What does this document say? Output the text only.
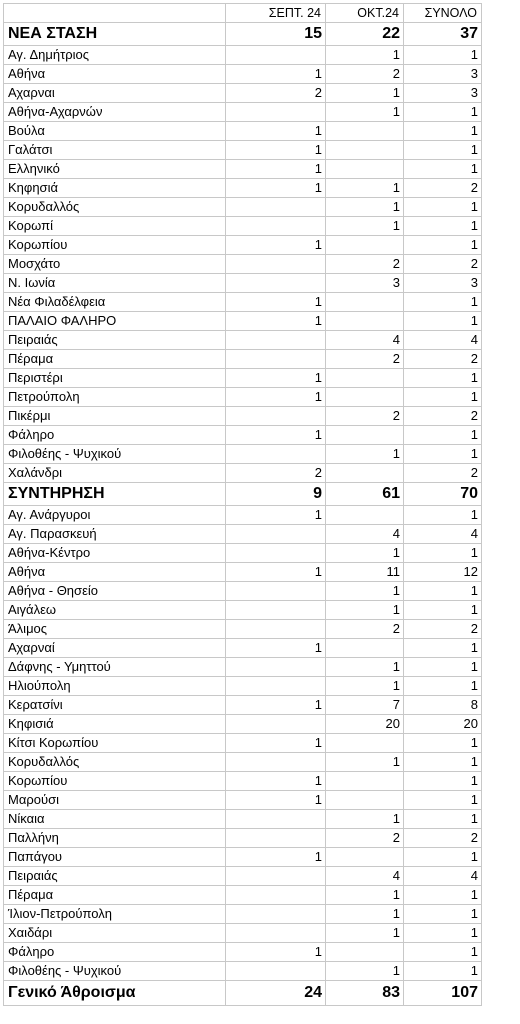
	ΣΕΠΤ. 24	ΟΚΤ.24	ΣΥΝΟΛΟ
ΝΕΑ ΣΤΑΣΗ	15	22	37
Αγ. Δημήτριος		1	1
Αθήνα	1	2	3
Αχαρναι	2	1	3
Αθήνα-Αχαρνών		1	1
Βούλα	1		1
Γαλάτσι	1		1
Ελληνικό	1		1
Κηφησιά	1	1	2
Κορυδαλλός		1	1
Κορωπί		1	1
Κορωπίου	1		1
Μοσχάτο		2	2
Ν. Ιωνία		3	3
Νέα Φιλαδέλφεια	1		1
ΠΑΛΑΙΟ ΦΑΛΗΡΟ	1		1
Πειραιάς		4	4
Πέραμα		2	2
Περιστέρι	1		1
Πετρούπολη	1		1
Πικέρμι		2	2
Φάληρο	1		1
Φιλοθέης - Ψυχικού		1	1
Χαλάνδρι	2		2
ΣΥΝΤΗΡΗΣΗ	9	61	70
Αγ. Ανάργυροι	1		1
Αγ. Παρασκευή		4	4
Αθήνα-Κέντρο		1	1
Αθήνα	1	11	12
Αθήνα - Θησείο		1	1
Αιγάλεω		1	1
Άλιμος		2	2
Αχαρναί	1		1
Δάφνης - Υμηττού		1	1
Ηλιούπολη		1	1
Κερατσίνι	1	7	8
Κηφισιά		20	20
Κίτσι Κορωπίου	1		1
Κορυδαλλός		1	1
Κορωπίου	1		1
Μαρούσι	1		1
Νίκαια		1	1
Παλλήνη		2	2
Παπάγου	1		1
Πειραιάς		4	4
Πέραμα		1	1
Ίλιον-Πετρούπολη		1	1
Χαιδάρι		1	1
Φάληρο	1		1
Φιλοθέης - Ψυχικού		1	1
Γενικό Άθροισμα	24	83	107
